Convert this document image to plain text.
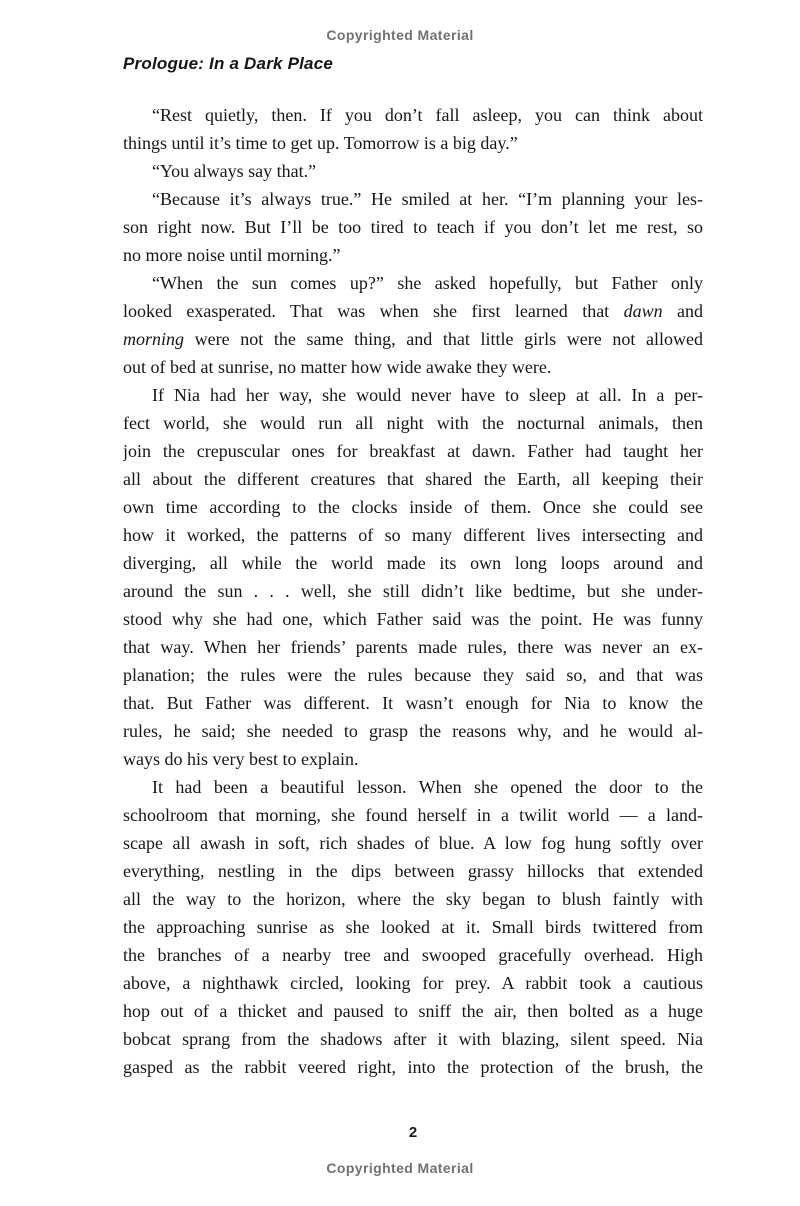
Copyrighted Material
Prologue: In a Dark Place
“Rest quietly, then. If you don’t fall asleep, you can think about
things until it’s time to get up. Tomorrow is a big day.”
“You always say that.”
“Because it’s always true.” He smiled at her. “I’m planning your les-
son right now. But I’ll be too tired to teach if you don’t let me rest, so
no more noise until morning.”
“When the sun comes up?” she asked hopefully, but Father only
looked exasperated. That was when she first learned that dawn and
morning were not the same thing, and that little girls were not allowed
out of bed at sunrise, no matter how wide awake they were.
If Nia had her way, she would never have to sleep at all. In a per-
fect world, she would run all night with the nocturnal animals, then
join the crepuscular ones for breakfast at dawn. Father had taught her
all about the different creatures that shared the Earth, all keeping their
own time according to the clocks inside of them. Once she could see
how it worked, the patterns of so many different lives intersecting and
diverging, all while the world made its own long loops around and
around the sun . . . well, she still didn’t like bedtime, but she under-
stood why she had one, which Father said was the point. He was funny
that way. When her friends’ parents made rules, there was never an ex-
planation; the rules were the rules because they said so, and that was
that. But Father was different. It wasn’t enough for Nia to know the
rules, he said; she needed to grasp the reasons why, and he would al-
ways do his very best to explain.
It had been a beautiful lesson. When she opened the door to the
schoolroom that morning, she found herself in a twilit world — a land-
scape all awash in soft, rich shades of blue. A low fog hung softly over
everything, nestling in the dips between grassy hillocks that extended
all the way to the horizon, where the sky began to blush faintly with
the approaching sunrise as she looked at it. Small birds twittered from
the branches of a nearby tree and swooped gracefully overhead. High
above, a nighthawk circled, looking for prey. A rabbit took a cautious
hop out of a thicket and paused to sniff the air, then bolted as a huge
bobcat sprang from the shadows after it with blazing, silent speed. Nia
gasped as the rabbit veered right, into the protection of the brush, the
2
Copyrighted Material
